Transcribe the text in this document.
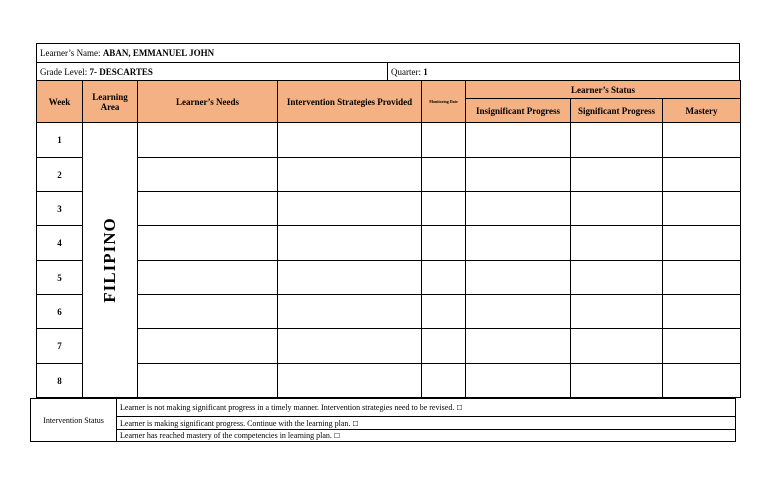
Learner’s Name: ABAN, EMMANUEL JOHN
Grade Level: 7- DESCARTES	Quarter: 1
Week	Learning Area	Learner’s Needs	Intervention Strategies Provided	Monitoring Date	Learner’s Status		
					Insignificant Progress	Significant Progress	Mastery
1	FILIPINO						

2							
3							
4							
5							
6							
7							
8							
Intervention Status	Learner is not making significant progress in a timely manner. Intervention strategies need to be revised. ☐
Learner is making significant progress. Continue with the learning plan. ☐
Learner has reached mastery of the competencies in learning plan. ☐
